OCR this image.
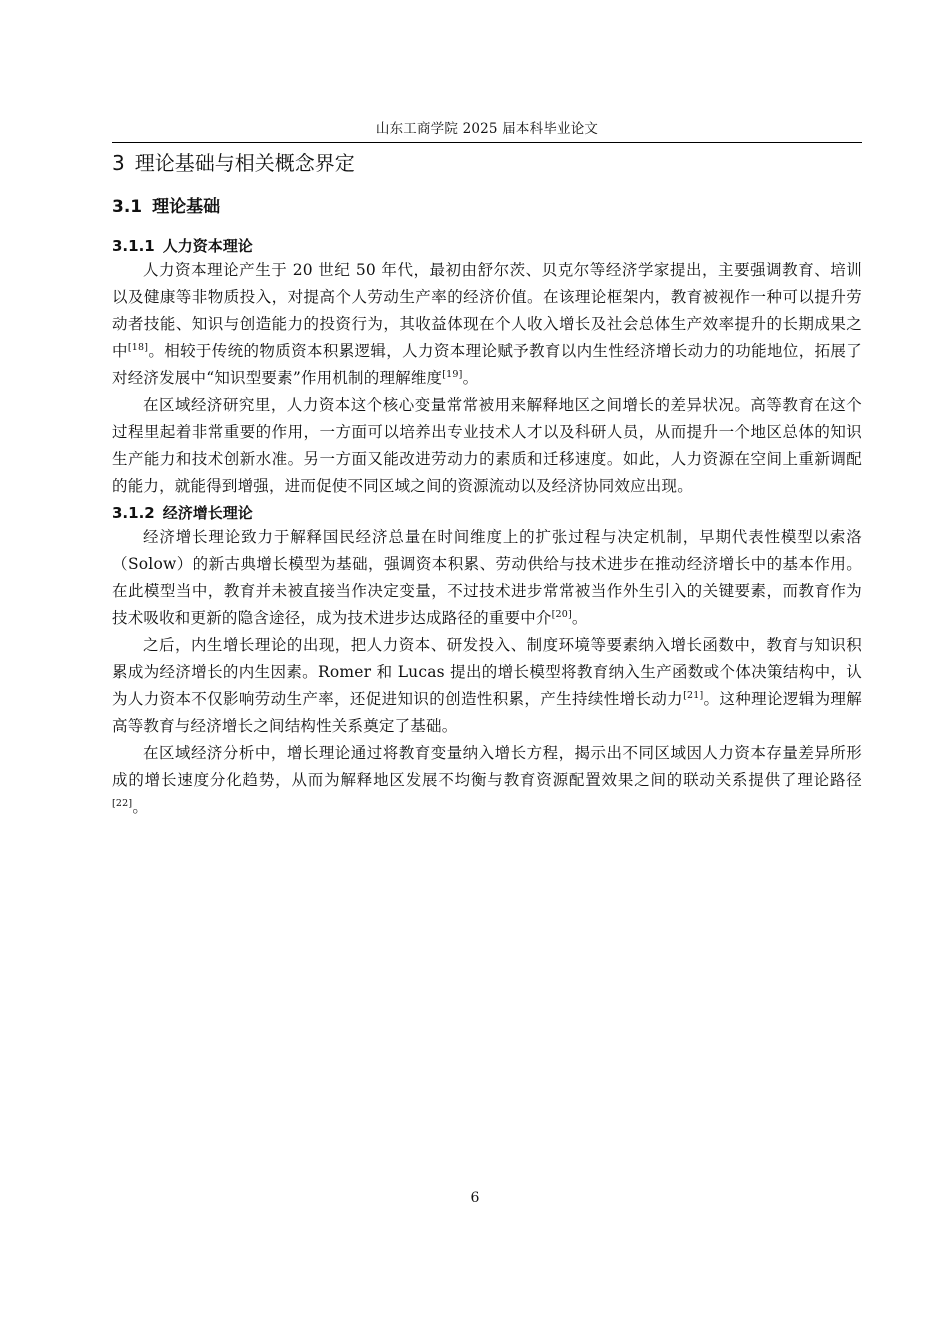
山东工商学院 2025 届本科毕业论文
3 理论基础与相关概念界定
3.1 理论基础
3.1.1 人力资本理论

人力资本理论产生于 20 世纪 50 年代，最初由舒尔茨、贝克尔等经济学家提出，主要强调教育、培训以及健康等非物质投入，对提高个人劳动生产率的经济价值。在该理论框架内，教育被视作一种可以提升劳动者技能、知识与创造能力的投资行为，其收益体现在个人收入增长及社会总体生产效率提升的长期成果之中[18]。相较于传统的物质资本积累逻辑，人力资本理论赋予教育以内生性经济增长动力的功能地位，拓展了对经济发展中“知识型要素”作用机制的理解维度[19]。

在区域经济研究里，人力资本这个核心变量常常被用来解释地区之间增长的差异状况。高等教育在这个过程里起着非常重要的作用，一方面可以培养出专业技术人才以及科研人员，从而提升一个地区总体的知识生产能力和技术创新水准。另一方面又能改进劳动力的素质和迁移速度。如此，人力资源在空间上重新调配的能力，就能得到增强，进而促使不同区域之间的资源流动以及经济协同效应出现。

3.1.2 经济增长理论

经济增长理论致力于解释国民经济总量在时间维度上的扩张过程与决定机制，早期代表性模型以索洛（Solow）的新古典增长模型为基础，强调资本积累、劳动供给与技术进步在推动经济增长中的基本作用。在此模型当中，教育并未被直接当作决定变量，不过技术进步常常被当作外生引入的关键要素，而教育作为技术吸收和更新的隐含途径，成为技术进步达成路径的重要中介[20]。

之后，内生增长理论的出现，把人力资本、研发投入、制度环境等要素纳入增长函数中，教育与知识积累成为经济增长的内生因素。Romer 和 Lucas 提出的增长模型将教育纳入生产函数或个体决策结构中，认为人力资本不仅影响劳动生产率，还促进知识的创造性积累，产生持续性增长动力[21]。这种理论逻辑为理解高等教育与经济增长之间结构性关系奠定了基础。

在区域经济分析中，增长理论通过将教育变量纳入增长方程，揭示出不同区域因人力资本存量差异所形成的增长速度分化趋势，从而为解释地区发展不均衡与教育资源配置效果之间的联动关系提供了理论路径[22]。

6
